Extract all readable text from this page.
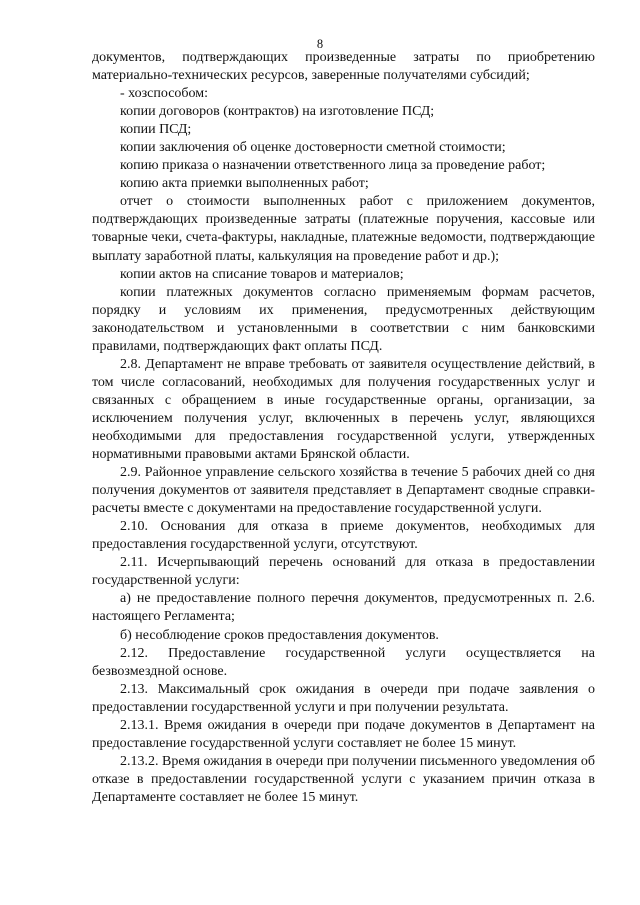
8

документов, подтверждающих произведенные затраты по приобретению материально-технических ресурсов, заверенные получателями субсидий;

- хозспособом:

копии договоров (контрактов) на изготовление ПСД;

копии ПСД;

копии заключения об оценке достоверности сметной стоимости;

копию приказа о назначении ответственного лица за проведение работ;

копию акта приемки выполненных работ;

отчет о стоимости выполненных работ с приложением документов, подтверждающих произведенные затраты (платежные поручения, кассовые или товарные чеки, счета-фактуры, накладные, платежные ведомости, подтверждающие выплату заработной платы, калькуляция на проведение работ и др.);

копии актов на списание товаров и материалов;

копии платежных документов согласно применяемым формам расчетов, порядку и условиям их применения, предусмотренных действующим законодательством и установленными в соответствии с ним банковскими правилами, подтверждающих факт оплаты ПСД.

2.8. Департамент не вправе требовать от заявителя осуществление действий, в том числе согласований, необходимых для получения государственных услуг и связанных с обращением в иные государственные органы, организации, за исключением получения услуг, включенных в перечень услуг, являющихся необходимыми для предоставления государственной услуги, утвержденных нормативными правовыми актами Брянской области.

2.9. Районное управление сельского хозяйства в течение 5 рабочих дней со дня получения документов от заявителя представляет в Департамент сводные справки-расчеты вместе с документами на предоставление государственной услуги.

2.10. Основания для отказа в приеме документов, необходимых для предоставления государственной услуги, отсутствуют.

2.11. Исчерпывающий перечень оснований для отказа в предоставлении государственной услуги:

а) не предоставление полного перечня документов, предусмотренных п. 2.6. настоящего Регламента;

б) несоблюдение сроков предоставления документов.

2.12. Предоставление государственной услуги осуществляется на безвозмездной основе.

2.13. Максимальный срок ожидания в очереди при подаче заявления о предоставлении государственной услуги и при получении результата.

2.13.1. Время ожидания в очереди при подаче документов в Департамент на предоставление государственной услуги составляет не более 15 минут.

2.13.2. Время ожидания в очереди при получении письменного уведомления об отказе в предоставлении государственной услуги с указанием причин отказа в Департаменте составляет не более 15 минут.
